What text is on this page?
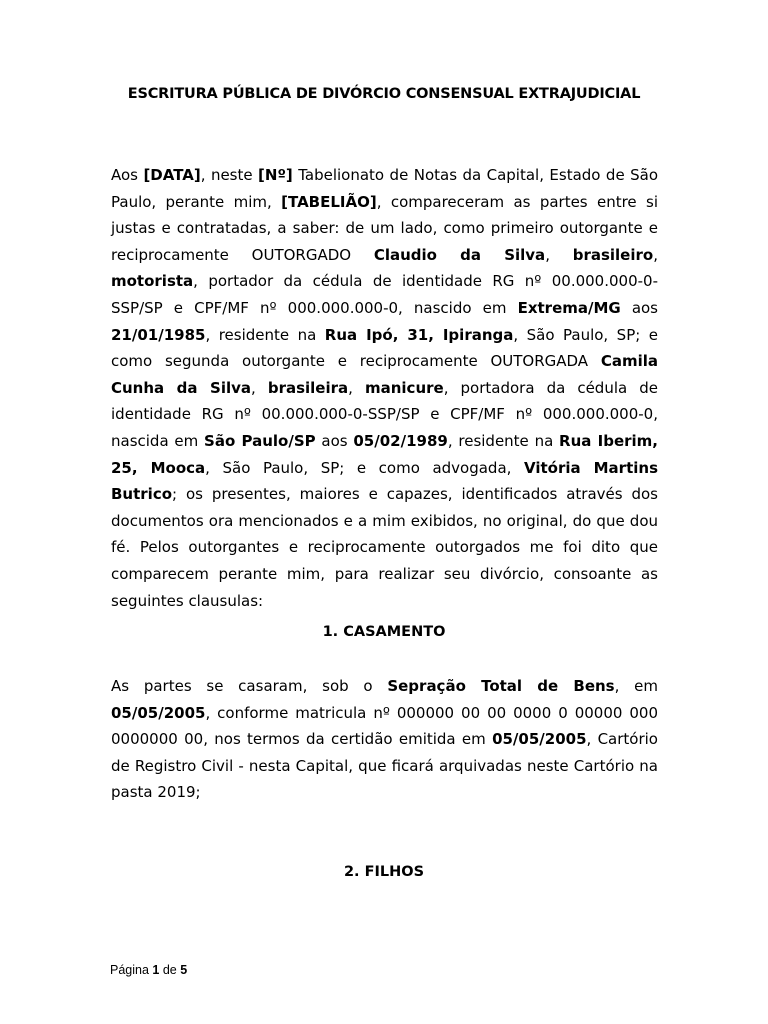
ESCRITURA PÚBLICA DE DIVÓRCIO CONSENSUAL EXTRAJUDICIAL

Aos [DATA], neste [Nº] Tabelionato de Notas da Capital, Estado de São Paulo, perante mim, [TABELIÃO], compareceram as partes entre si justas e contratadas, a saber: de um lado, como primeiro outorgante e reciprocamente OUTORGADO Claudio da Silva, brasileiro, motorista, portador da cédula de identidade RG nº 00.000.000-0-SSP/SP e CPF/MF nº 000.000.000-0, nascido em Extrema/MG aos 21/01/1985, residente na Rua Ipó, 31, Ipiranga, São Paulo, SP; e como segunda outorgante e reciprocamente OUTORGADA Camila Cunha da Silva, brasileira, manicure, portadora da cédula de identidade RG nº 00.000.000-0-SSP/SP e CPF/MF nº 000.000.000-0, nascida em São Paulo/SP aos 05/02/1989, residente na Rua Iberim, 25, Mooca, São Paulo, SP; e como advogada, Vitória Martins Butrico; os presentes, maiores e capazes, identificados através dos documentos ora mencionados e a mim exibidos, no original, do que dou fé. Pelos outorgantes e reciprocamente outorgados me foi dito que comparecem perante mim, para realizar seu divórcio, consoante as seguintes clausulas:

1. CASAMENTO

As partes se casaram, sob o Sepração Total de Bens, em 05/05/2005, conforme matricula nº 000000 00 00 0000 0 00000 000 0000000 00, nos termos da certidão emitida em 05/05/2005, Cartório de Registro Civil - nesta Capital, que ficará arquivadas neste Cartório na pasta 2019;

2. FILHOS
Página 1 de 5
